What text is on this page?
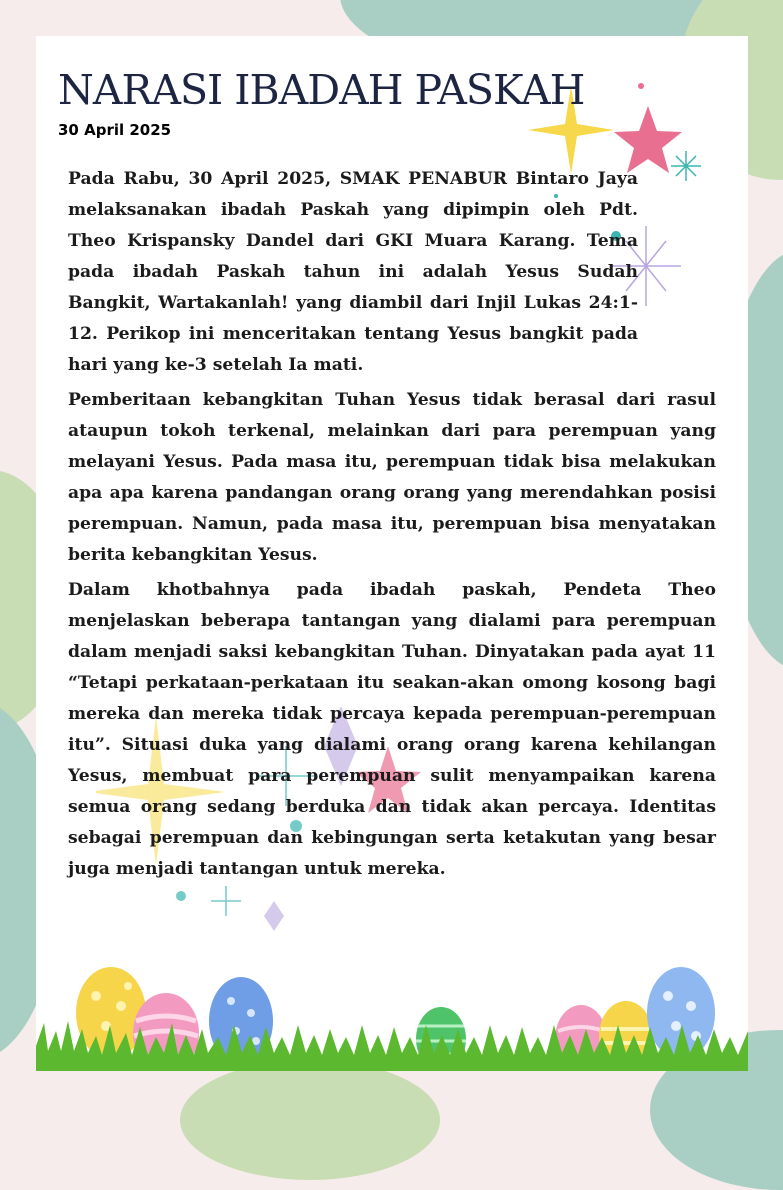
NARASI IBADAH PASKAH
30 April 2025

Pada Rabu, 30 April 2025, SMAK PENABUR Bintaro Jaya melaksanakan ibadah Paskah yang dipimpin oleh Pdt. Theo Krispansky Dandel dari GKI Muara Karang. Tema pada ibadah Paskah tahun ini adalah Yesus Sudah Bangkit, Wartakanlah! yang diambil dari Injil Lukas 24:1-12. Perikop ini menceritakan tentang Yesus bangkit pada hari yang ke-3 setelah Ia mati.

Pemberitaan kebangkitan Tuhan Yesus tidak berasal dari rasul ataupun tokoh terkenal, melainkan dari para perempuan yang melayani Yesus. Pada masa itu, perempuan tidak bisa melakukan apa apa karena pandangan orang orang yang merendahkan posisi perempuan. Namun, pada masa itu, perempuan bisa menyatakan berita kebangkitan Yesus.

Dalam khotbahnya pada ibadah paskah, Pendeta Theo menjelaskan beberapa tantangan yang dialami para perempuan dalam menjadi saksi kebangkitan Tuhan. Dinyatakan pada ayat 11 “Tetapi perkataan-perkataan itu seakan-akan omong kosong bagi mereka dan mereka tidak percaya kepada perempuan-perempuan itu”. Situasi duka yang dialami orang orang karena kehilangan Yesus, membuat para perempuan sulit menyampaikan karena semua orang sedang berduka dan tidak akan percaya. Identitas sebagai perempuan dan kebingungan serta ketakutan yang besar juga menjadi tantangan untuk mereka.
